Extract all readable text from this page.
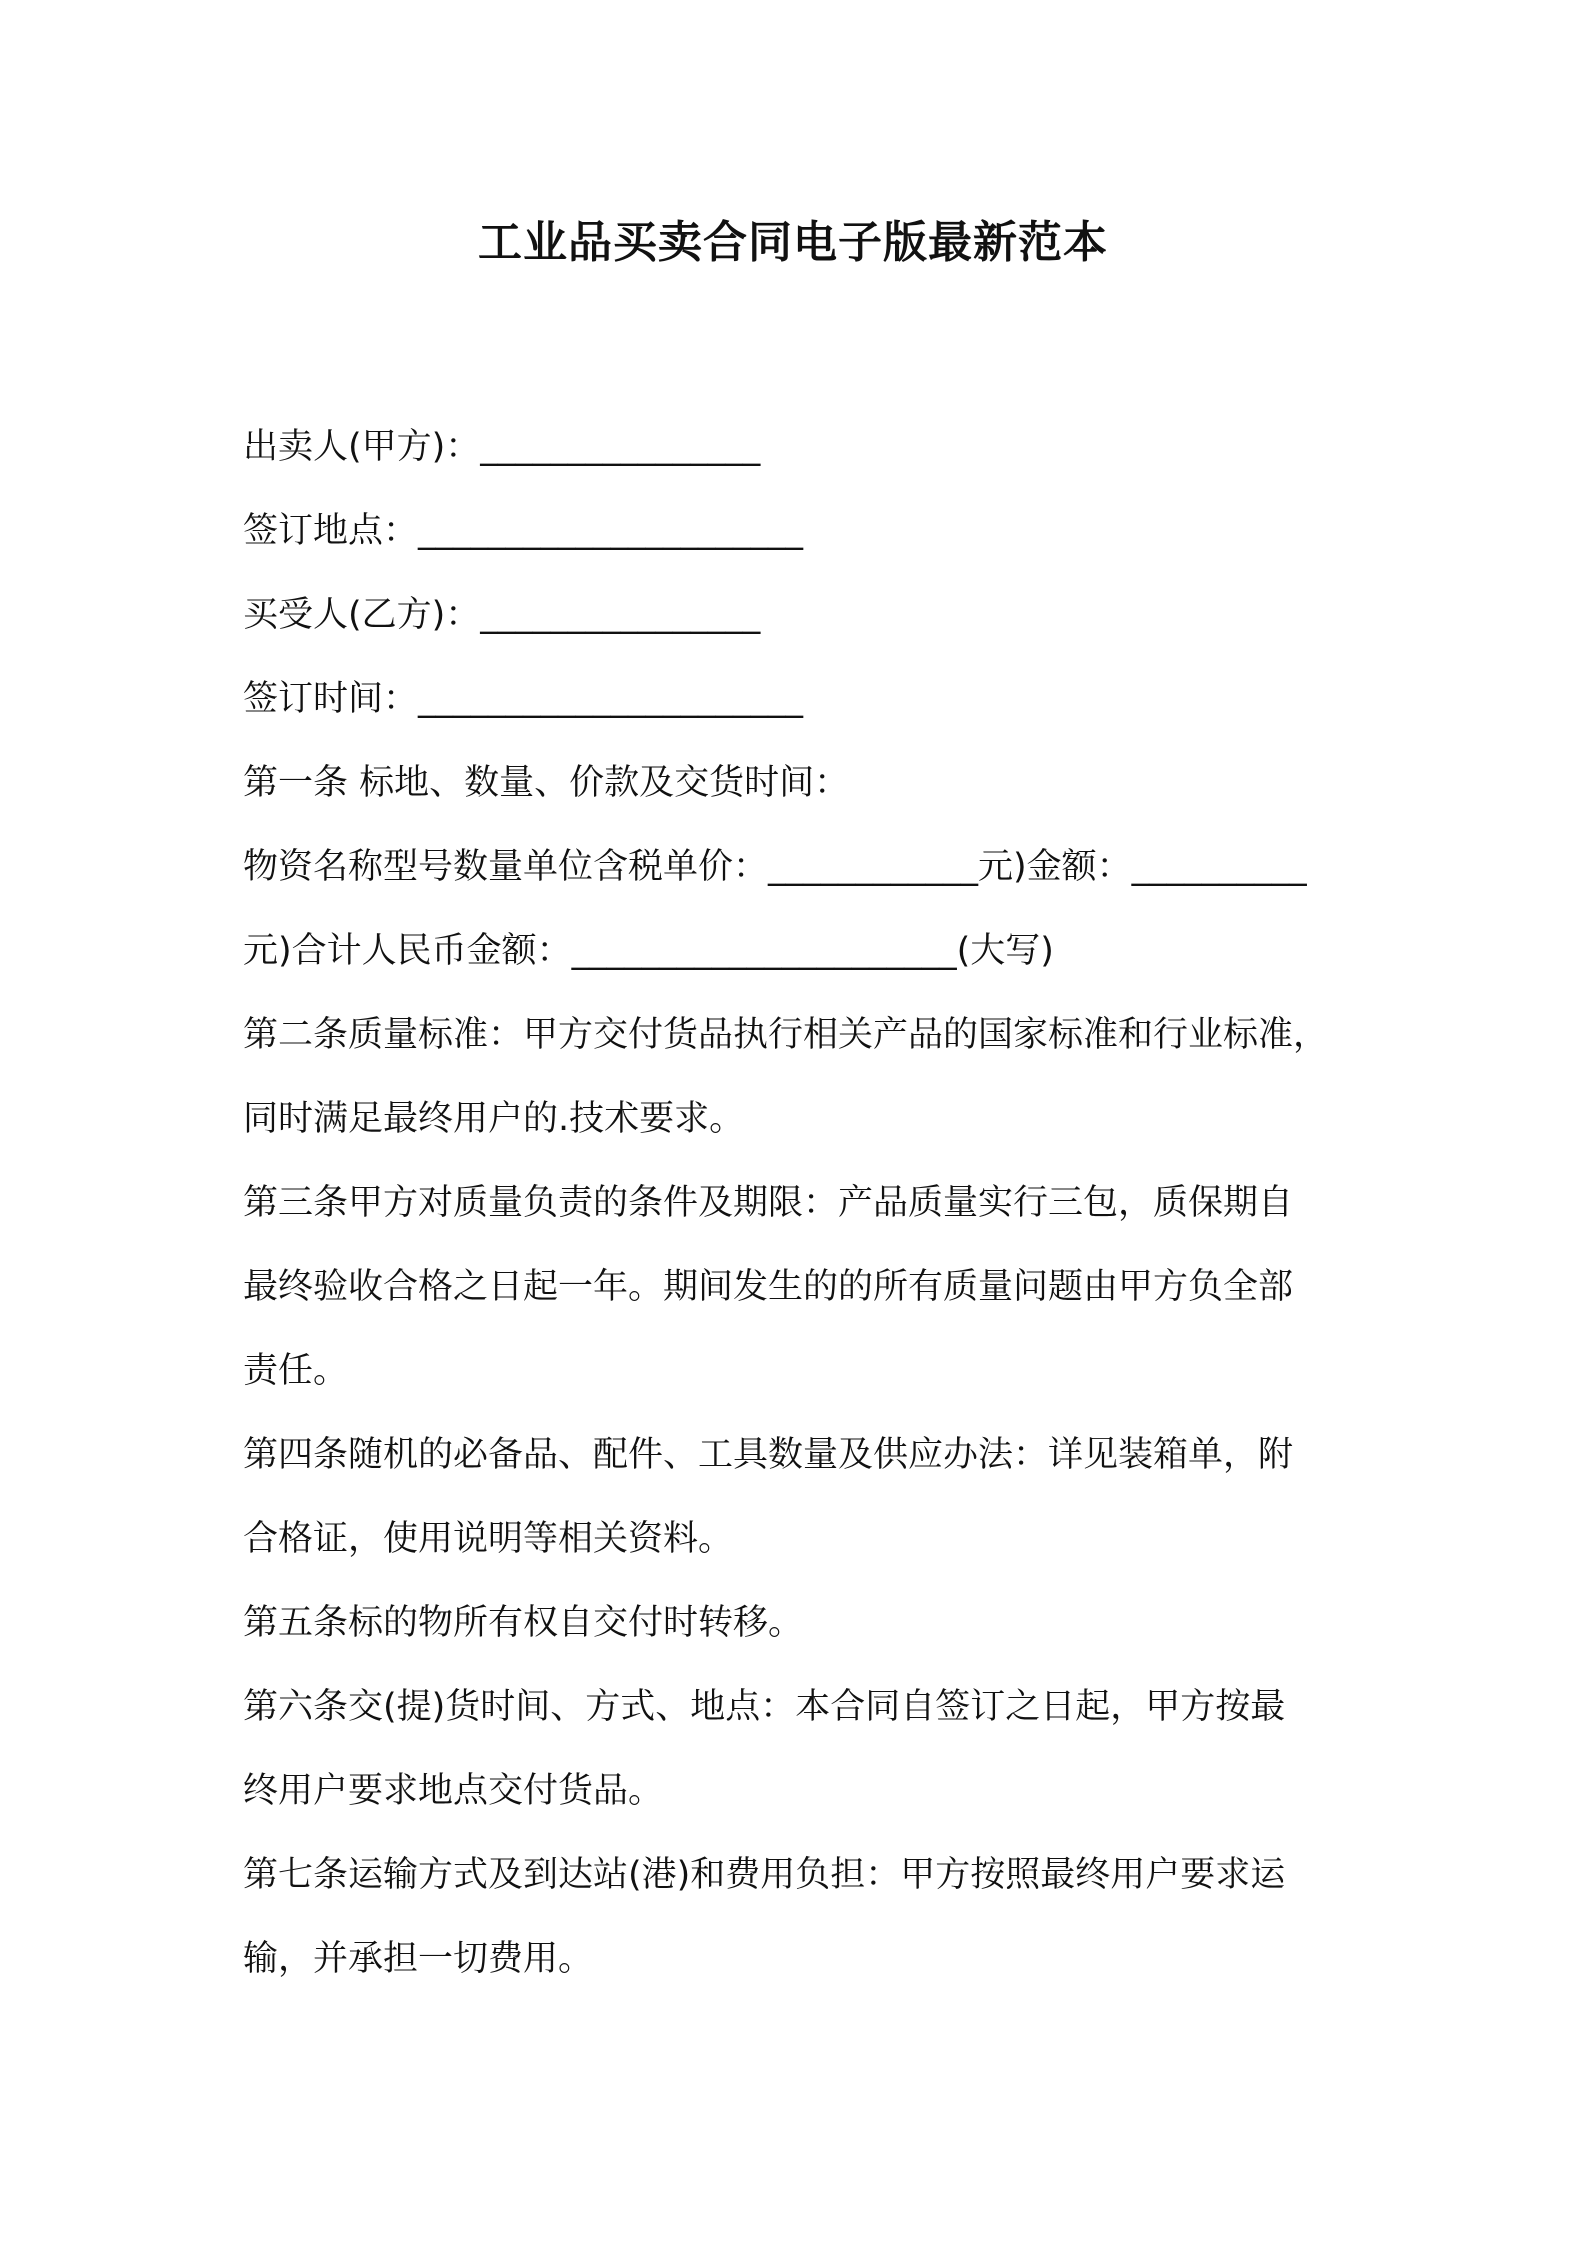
工业品买卖合同电子版最新范本
出卖人(甲方)：________________
签订地点：______________________
买受人(乙方)：________________
签订时间：______________________
第一条 标地、数量、价款及交货时间：
物资名称型号数量单位含税单价：____________元)金额：__________
元)合计人民币金额：______________________(大写)
第二条质量标准：甲方交付货品执行相关产品的国家标准和行业标准，
同时满足最终用户的.技术要求。
第三条甲方对质量负责的条件及期限：产品质量实行三包，质保期自
最终验收合格之日起一年。期间发生的的所有质量问题由甲方负全部
责任。
第四条随机的必备品、配件、工具数量及供应办法：详见装箱单，附
合格证，使用说明等相关资料。
第五条标的物所有权自交付时转移。
第六条交(提)货时间、方式、地点：本合同自签订之日起，甲方按最
终用户要求地点交付货品。
第七条运输方式及到达站(港)和费用负担：甲方按照最终用户要求运
输，并承担一切费用。
